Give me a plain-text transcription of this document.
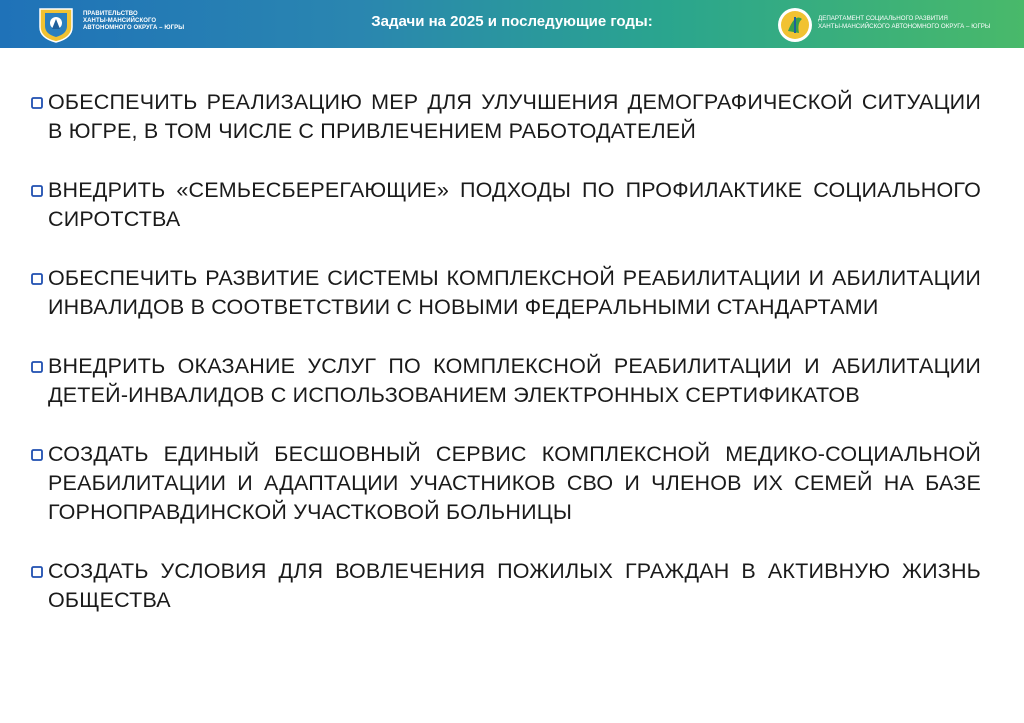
ПРАВИТЕЛЬСТВО
ХАНТЫ-МАНСИЙСКОГО
АВТОНОМНОГО ОКРУГА – ЮГРЫ	Задачи на 2025 и последующие годы:	ДЕПАРТАМЕНТ СОЦИАЛЬНОГО РАЗВИТИЯ
ХАНТЫ-МАНСИЙСКОГО АВТОНОМНОГО ОКРУГА – ЮГРЫ
ОБЕСПЕЧИТЬ РЕАЛИЗАЦИЮ МЕР ДЛЯ УЛУЧШЕНИЯ ДЕМОГРАФИЧЕСКОЙ СИТУАЦИИ В ЮГРЕ, В ТОМ ЧИСЛЕ С ПРИВЛЕЧЕНИЕМ РАБОТОДАТЕЛЕЙ
ВНЕДРИТЬ «СЕМЬЕСБЕРЕГАЮЩИЕ» ПОДХОДЫ ПО ПРОФИЛАКТИКЕ СОЦИАЛЬНОГО СИРОТСТВА
ОБЕСПЕЧИТЬ РАЗВИТИЕ СИСТЕМЫ КОМПЛЕКСНОЙ РЕАБИЛИТАЦИИ И АБИЛИТАЦИИ ИНВАЛИДОВ В СООТВЕТСТВИИ С НОВЫМИ ФЕДЕРАЛЬНЫМИ СТАНДАРТАМИ
ВНЕДРИТЬ ОКАЗАНИЕ УСЛУГ ПО КОМПЛЕКСНОЙ РЕАБИЛИТАЦИИ И АБИЛИТАЦИИ ДЕТЕЙ-ИНВАЛИДОВ С ИСПОЛЬЗОВАНИЕМ ЭЛЕКТРОННЫХ СЕРТИФИКАТОВ
СОЗДАТЬ ЕДИНЫЙ БЕСШОВНЫЙ СЕРВИС КОМПЛЕКСНОЙ МЕДИКО-СОЦИАЛЬНОЙ РЕАБИЛИТАЦИИ И АДАПТАЦИИ УЧАСТНИКОВ СВО И ЧЛЕНОВ ИХ СЕМЕЙ НА БАЗЕ ГОРНОПРАВДИНСКОЙ УЧАСТКОВОЙ БОЛЬНИЦЫ
СОЗДАТЬ УСЛОВИЯ ДЛЯ ВОВЛЕЧЕНИЯ ПОЖИЛЫХ ГРАЖДАН В АКТИВНУЮ ЖИЗНЬ ОБЩЕСТВА
